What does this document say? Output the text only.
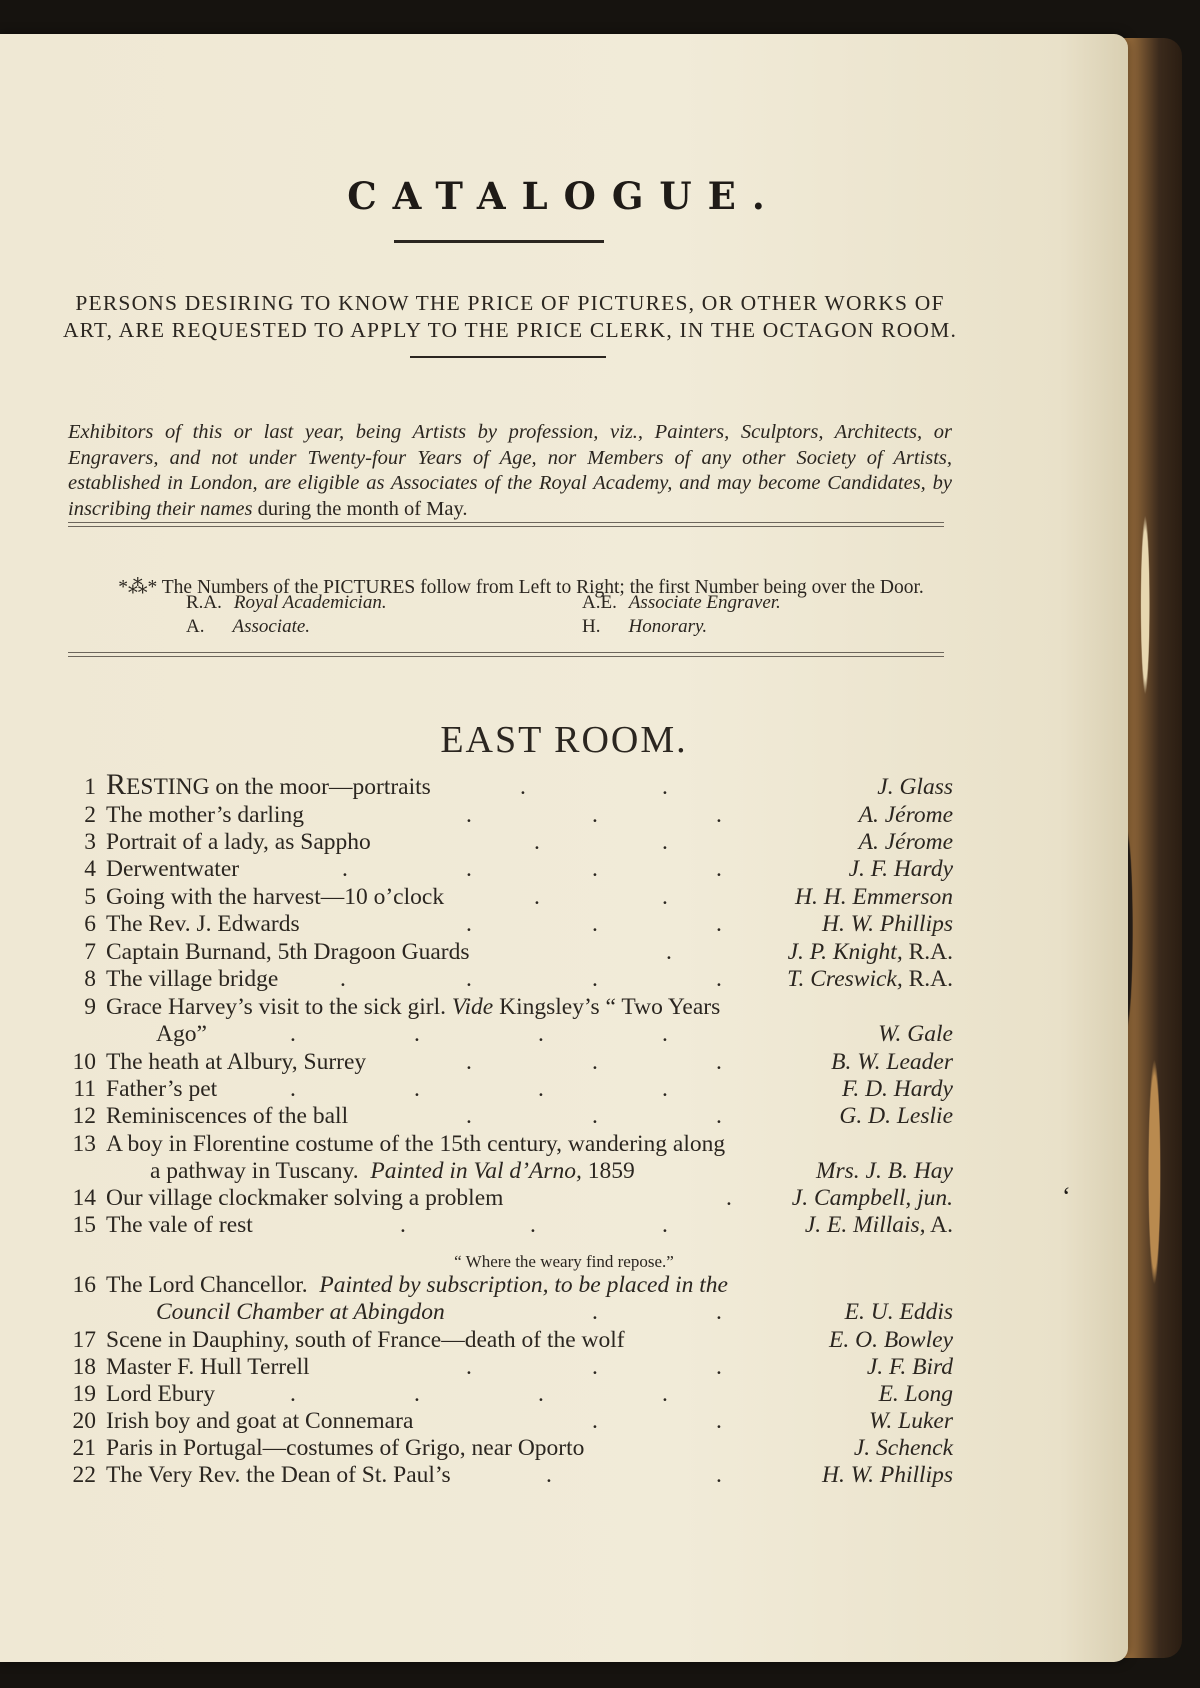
CATALOGUE.
PERSONS DESIRING TO KNOW THE PRICE OF PICTURES, OR OTHER WORKS OF ART, ARE REQUESTED TO APPLY TO THE PRICE CLERK, IN THE OCTAGON ROOM.
Exhibitors of this or last year, being Artists by profession, viz., Painters, Sculptors, Architects, or Engravers, and not under Twenty-four Years of Age, nor Members of any other Society of Artists, established in London, are eligible as Associates of the Royal Academy, and may become Candidates, by inscribing their names during the month of May.
*⁂* The Numbers of the PICTURES follow from Left to Right; the first Number being over the Door.
R.A. Royal Academician.	A.E. Associate Engraver.
A. Associate.	H. Honorary.
EAST ROOM.
1 RESTING on the moor—portraits	.	.	J. Glass
2 The mother’s darling	.	.	.	A. Jérome
3 Portrait of a lady, as Sappho	.	.	A. Jérome
4 Derwentwater	.	.	.	.	J. F. Hardy
5 Going with the harvest—10 o’clock	.	.	H. H. Emmerson
6 The Rev. J. Edwards	.	.	.	H. W. Phillips
7 Captain Burnand, 5th Dragoon Guards	.	J. P. Knight, R.A.
8 The village bridge	.	.	.	.	T. Creswick, R.A.
9 Grace Harvey’s visit to the sick girl. Vide Kingsley’s “ Two Years
Ago”	.	.	.	.	W. Gale
10 The heath at Albury, Surrey	.	.	.	B. W. Leader
11 Father’s pet	.	.	.	.	F. D. Hardy
12 Reminiscences of the ball	.	.	.	G. D. Leslie
13 A boy in Florentine costume of the 15th century, wandering along
a pathway in Tuscany. Painted in Val d’Arno, 1859	Mrs. J. B. Hay
14 Our village clockmaker solving a problem	.	J. Campbell, jun.
15 The vale of rest	.	.	.	J. E. Millais, A.
16 The Lord Chancellor. Painted by subscription, to be placed in the
Council Chamber at Abingdon	.	.	E. U. Eddis
17 Scene in Dauphiny, south of France—death of the wolf	E. O. Bowley
18 Master F. Hull Terrell	.	.	.	J. F. Bird
19 Lord Ebury	.	.	.	.	E. Long
20 Irish boy and goat at Connemara	.	.	W. Luker
21 Paris in Portugal—costumes of Grigo, near Oporto	J. Schenck
22 The Very Rev. the Dean of St. Paul’s	.	.	H. W. Phillips
“ Where the weary find repose.”
‘
